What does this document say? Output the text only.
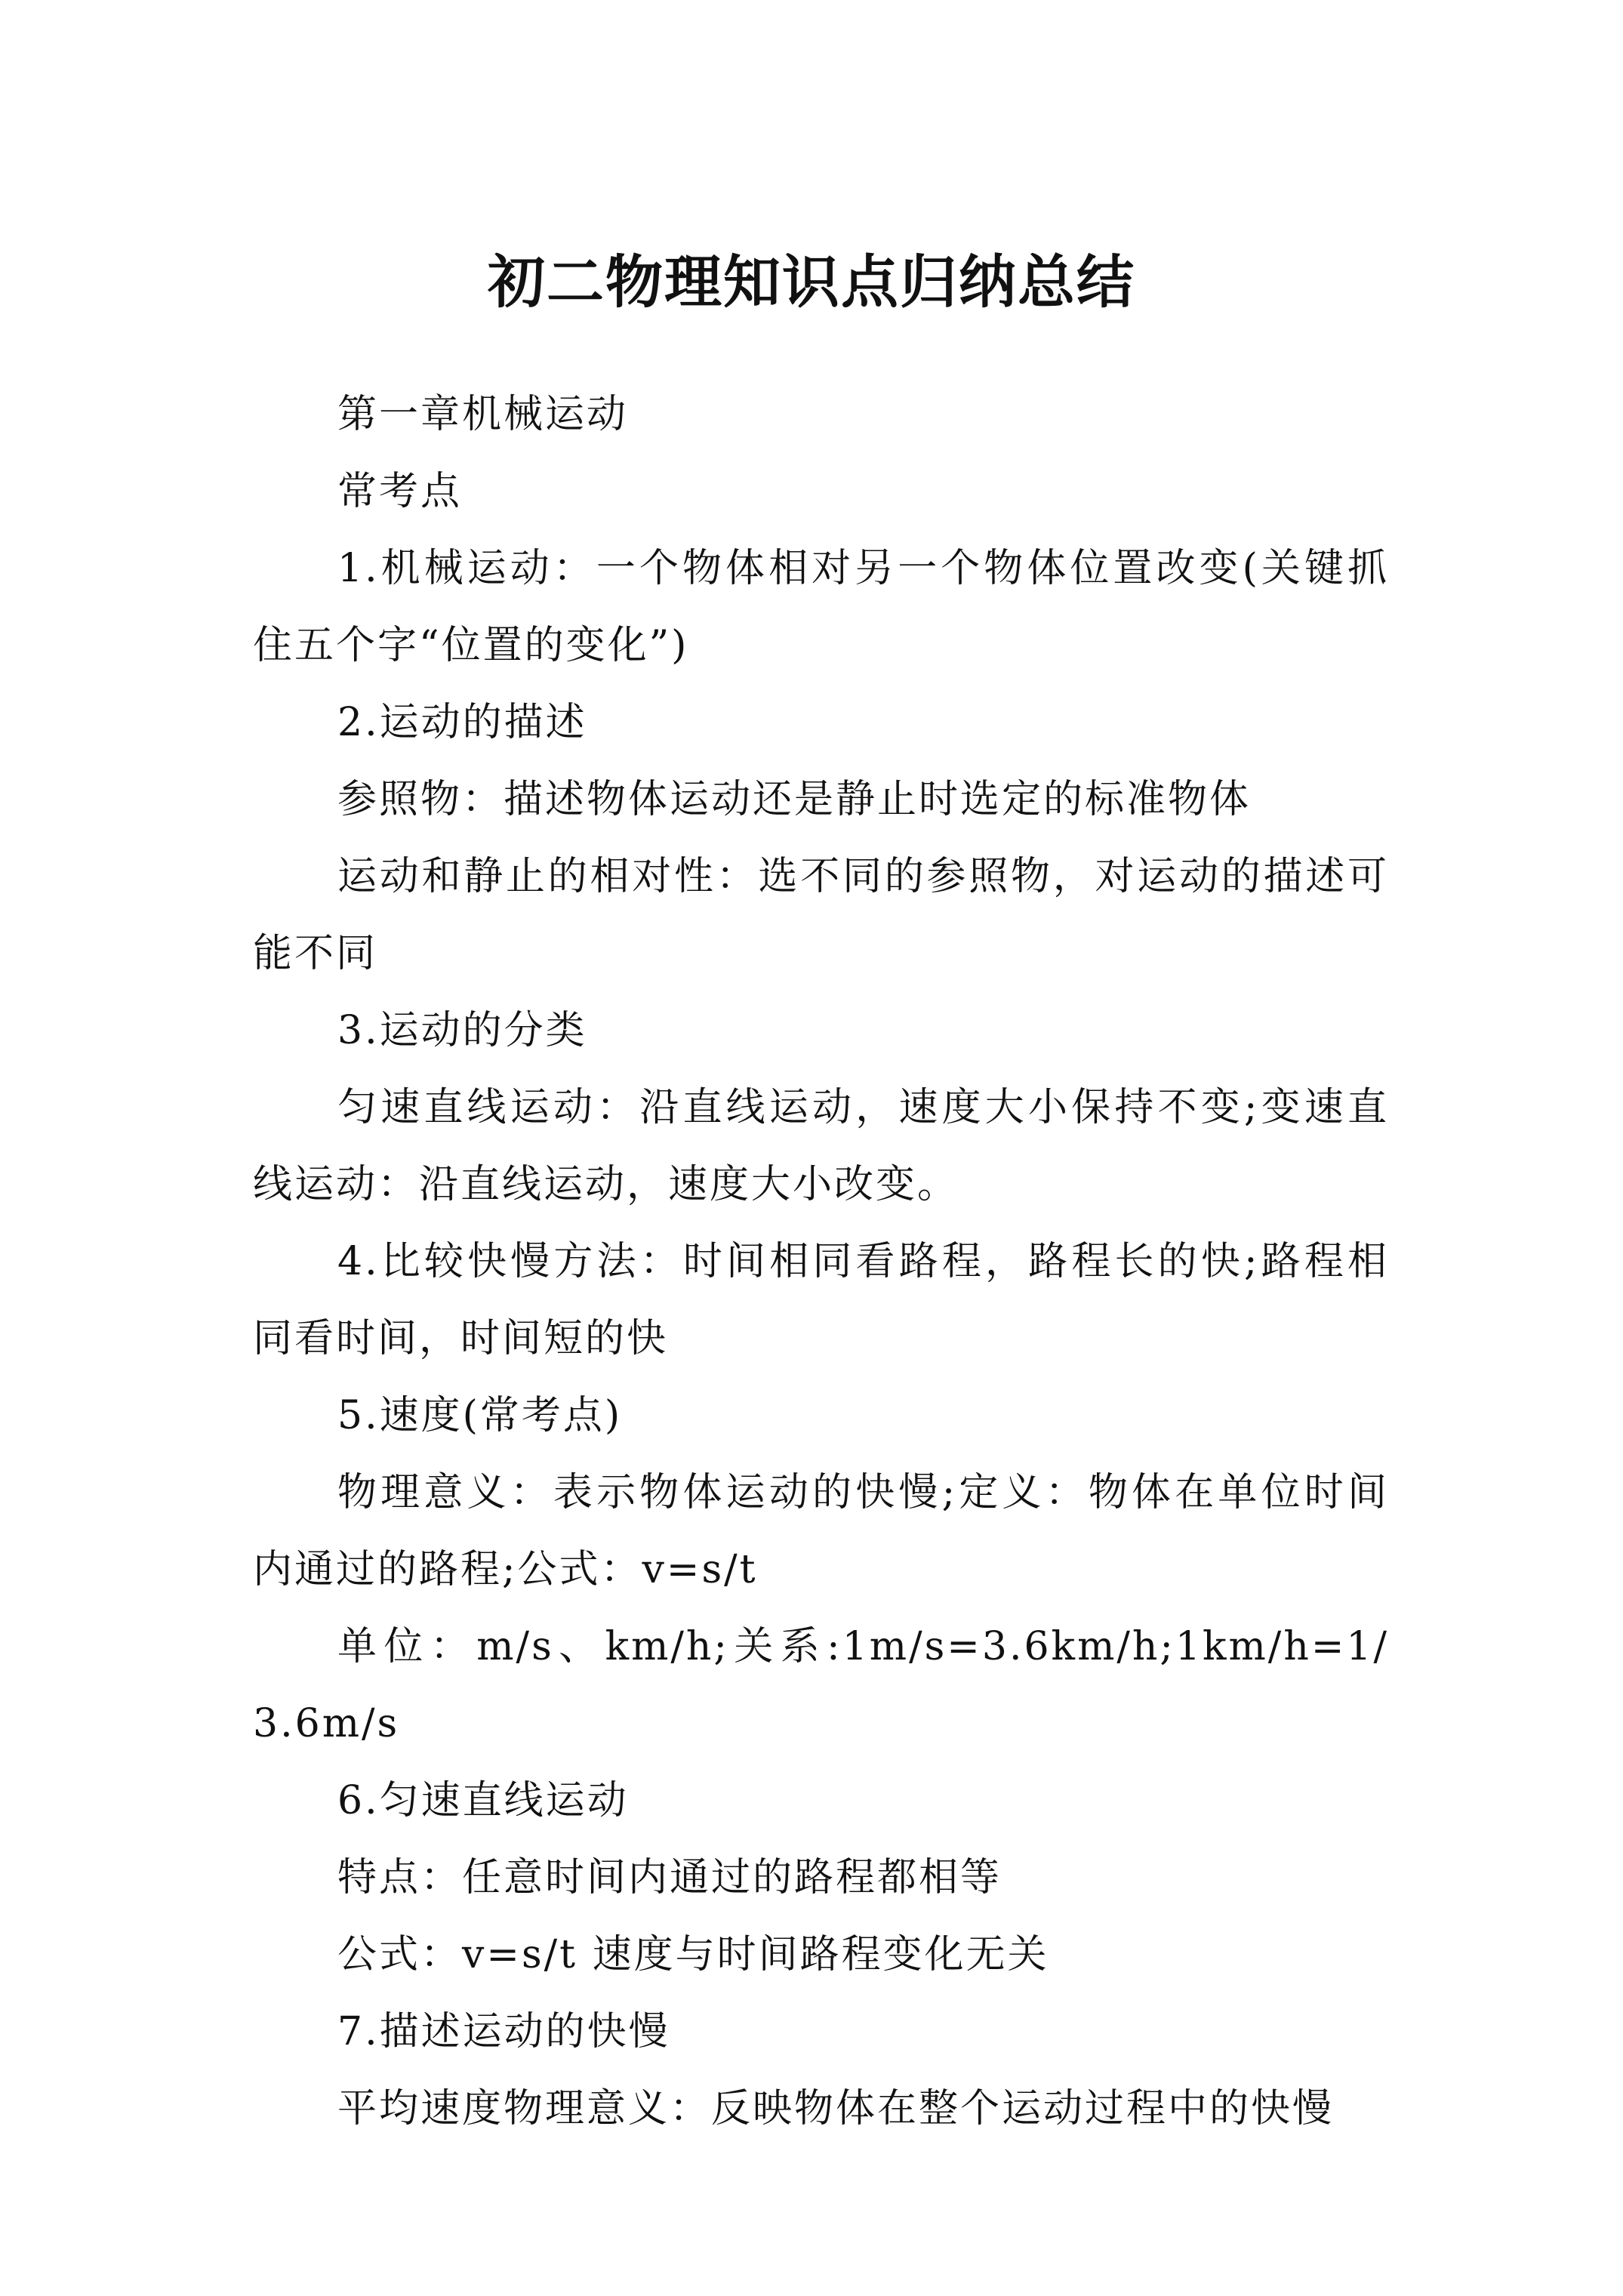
初二物理知识点归纳总结

第一章机械运动

常考点

1.机械运动：一个物体相对另一个物体位置改变(关键抓住五个字“位置的变化”)

2.运动的描述

参照物：描述物体运动还是静止时选定的标准物体

运动和静止的相对性：选不同的参照物，对运动的描述可能不同

3.运动的分类

匀速直线运动：沿直线运动，速度大小保持不变;变速直线运动：沿直线运动，速度大小改变。

4.比较快慢方法：时间相同看路程，路程长的快;路程相同看时间，时间短的快

5.速度(常考点)

物理意义：表示物体运动的快慢;定义：物体在单位时间内通过的路程;公式：v=s/t

单位：m/s、km/h;关系:1m/s=3.6km/h;1km/h=1/3.6m/s

6.匀速直线运动

特点：任意时间内通过的路程都相等

公式：v=s/t 速度与时间路程变化无关

7.描述运动的快慢

平均速度物理意义：反映物体在整个运动过程中的快慢
